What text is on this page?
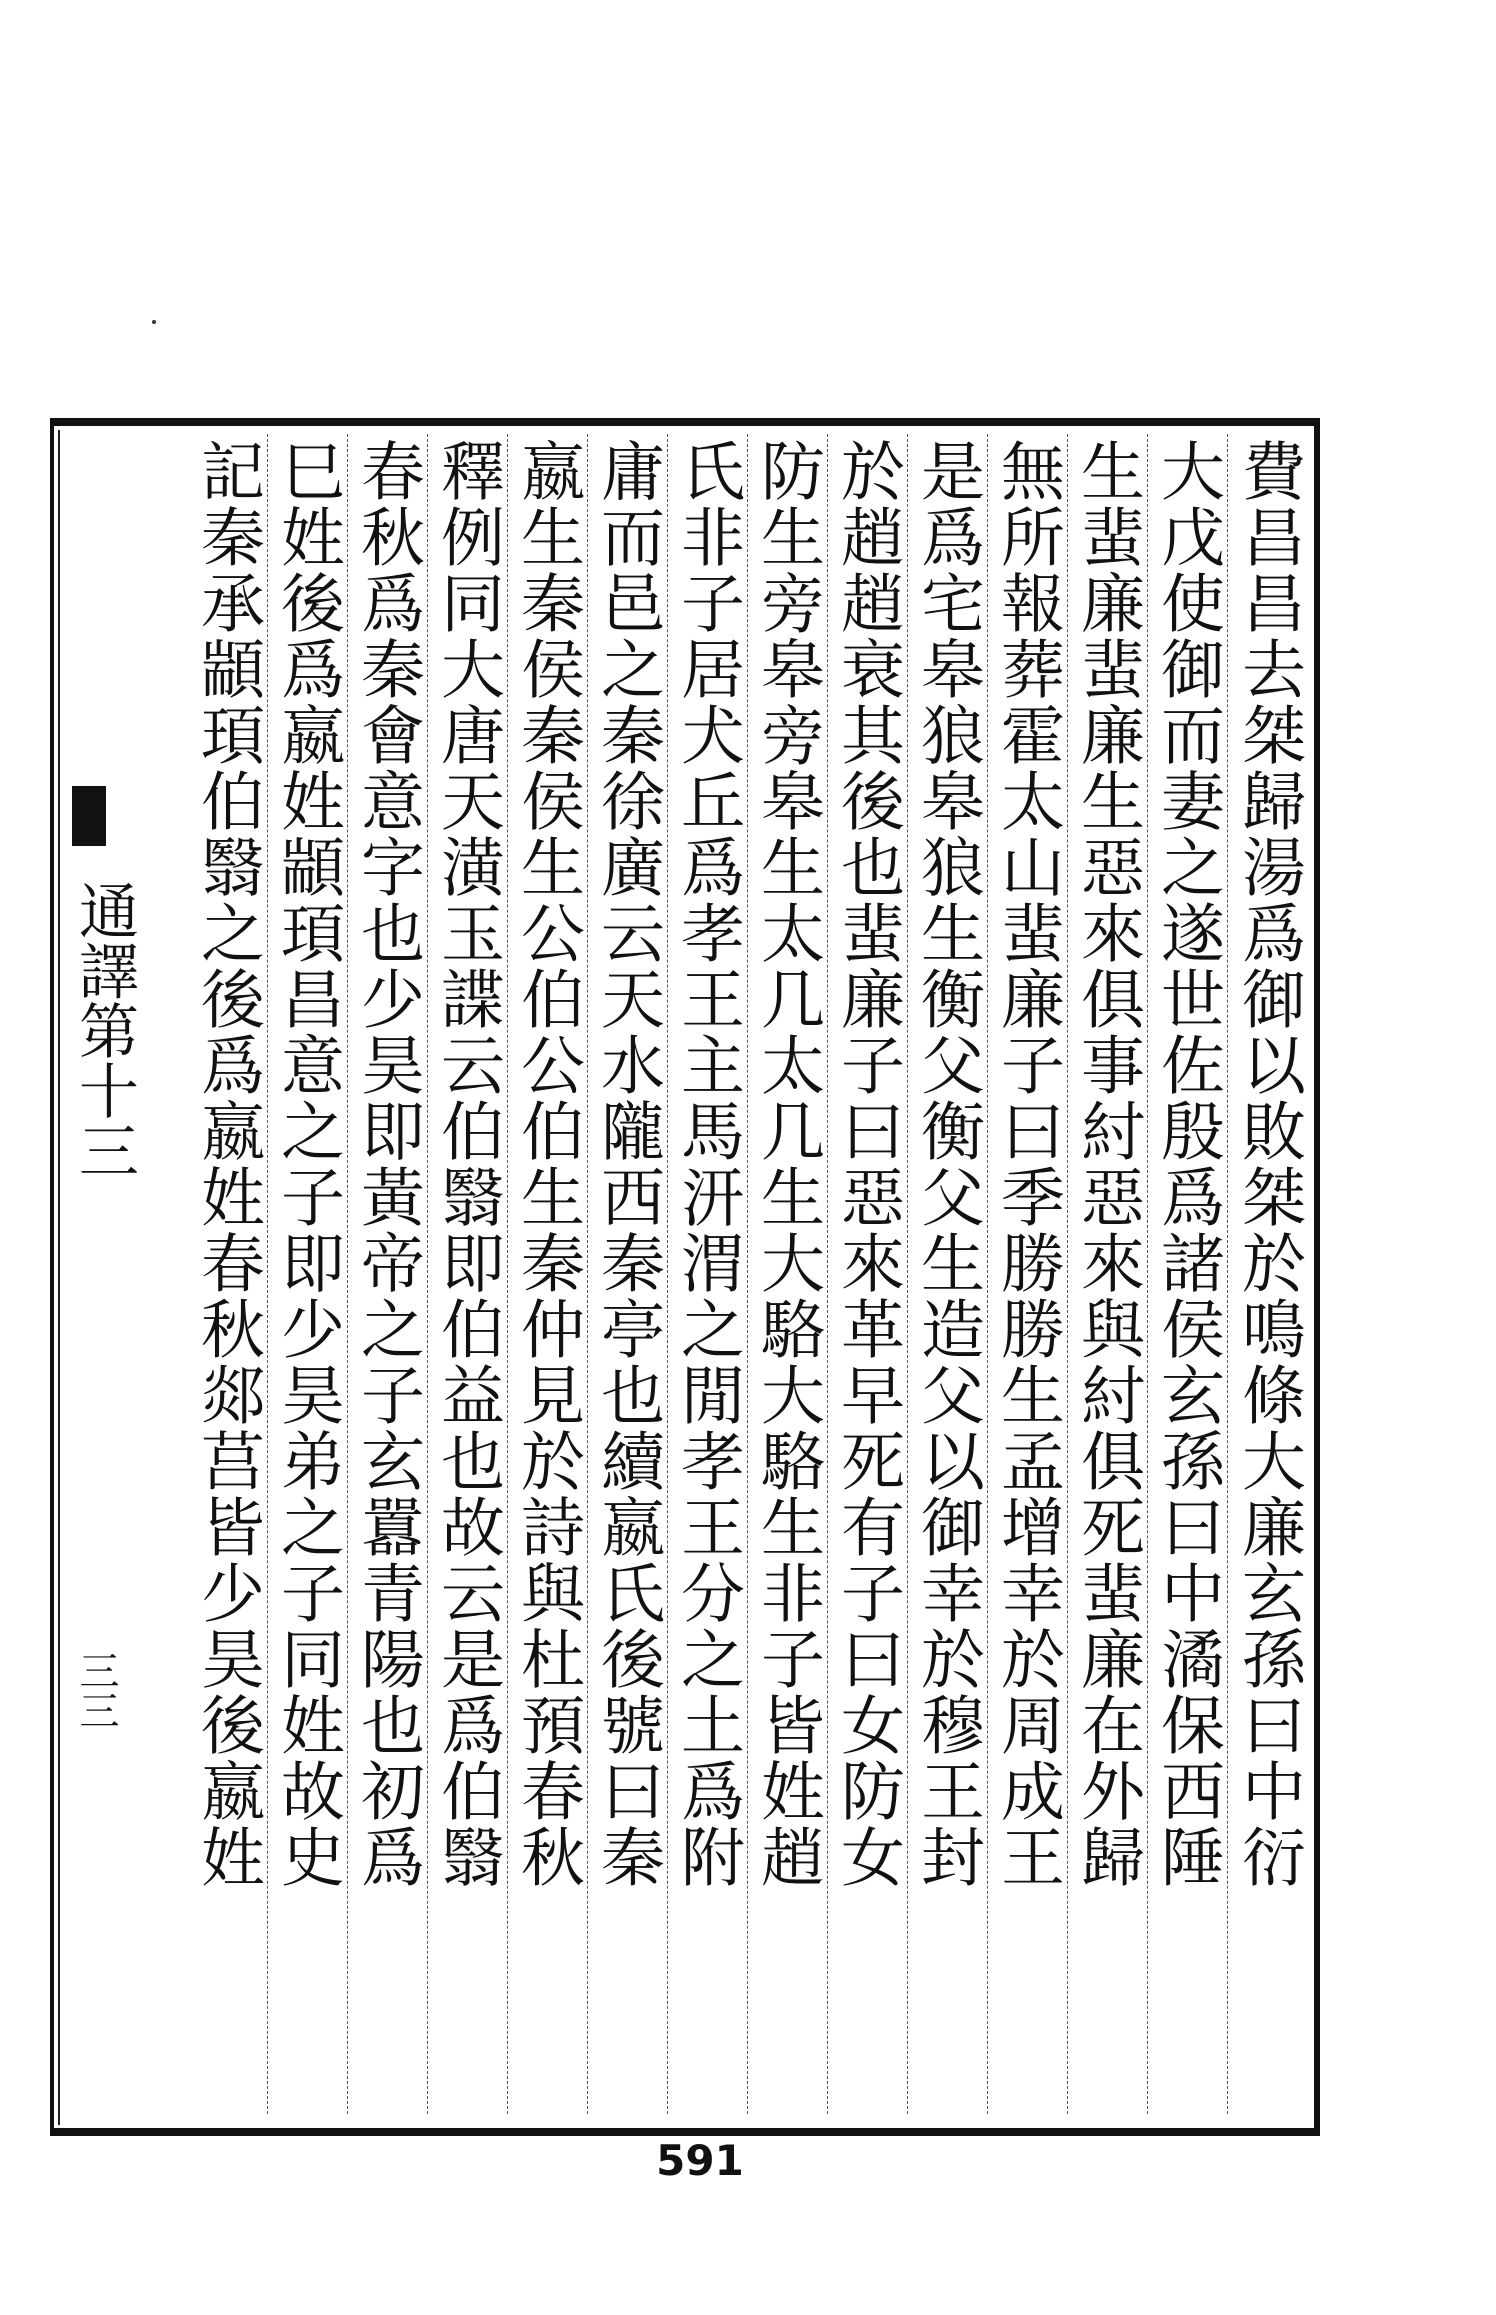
通譯第十三
三三	費昌昌去桀歸湯爲御以敗桀於鳴條大廉玄孫曰中衍
大戊使御而妻之遂世佐殷爲諸侯玄孫曰中潏保西陲
生蜚廉蜚廉生惡來俱事紂惡來與紂俱死蜚廉在外歸
無所報葬霍太山蜚廉子曰季勝勝生孟增幸於周成王
是爲宅皋狼皋狼生衡父衡父生造父以御幸於穆王封
於趙趙衰其後也蜚廉子曰惡來革早死有子曰女防女
防生旁皋旁皋生太几太几生大駱大駱生非子皆姓趙
氏非子居犬丘爲孝王主馬汧渭之閒孝王分之土爲附
庸而邑之秦徐廣云天水隴西秦亭也續嬴氏後號曰秦
嬴生秦侯秦侯生公伯公伯生秦仲見於詩與杜預春秋
釋例同大唐天潢玉諜云伯翳即伯益也故云是爲伯翳
春秋爲秦會意字也少昊即黃帝之子玄囂青陽也初爲
巳姓後爲嬴姓顓頊昌意之子即少昊弟之子同姓故史
記秦承顓頊伯翳之後爲嬴姓春秋郯莒皆少昊後嬴姓
591
